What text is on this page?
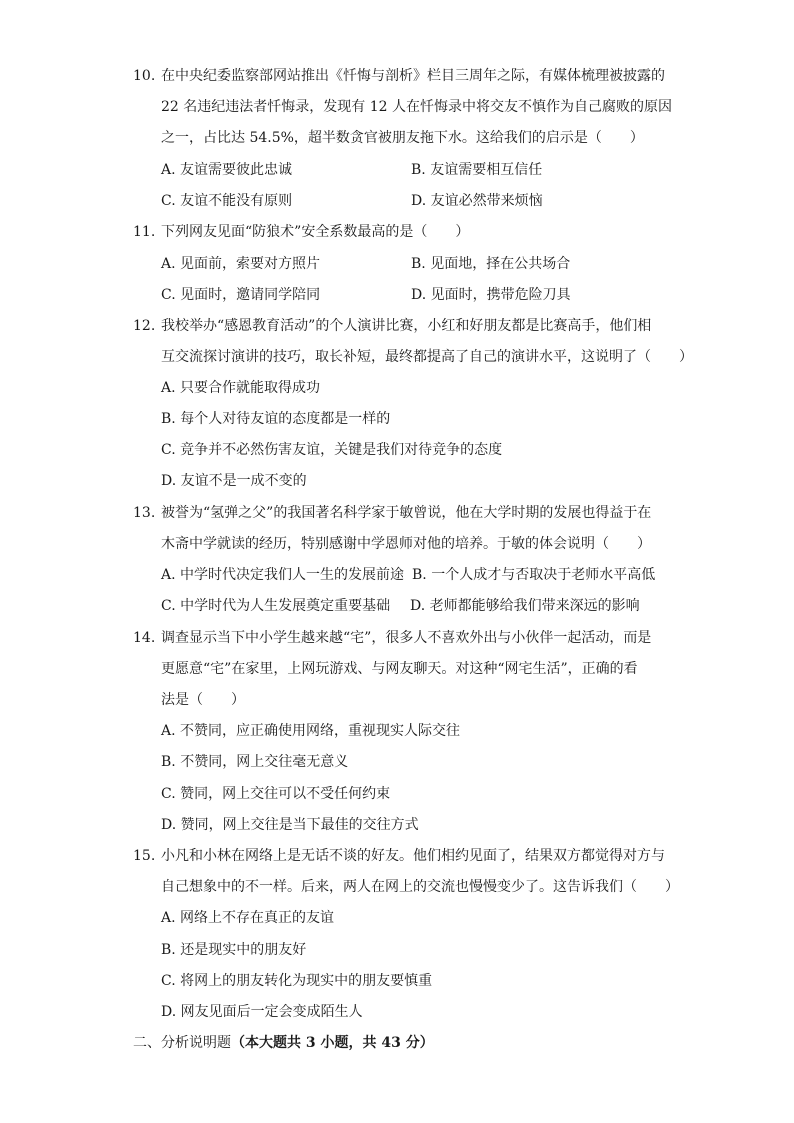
10. 在中央纪委监察部网站推出《忏悔与剖析》栏目三周年之际，有媒体梳理被披露的
22 名违纪违法者忏悔录，发现有 12 人在忏悔录中将交友不慎作为自己腐败的原因
之一，占比达 54.5%，超半数贪官被朋友拖下水。这给我们的启示是（　　）
A. 友谊需要彼此忠诚	B. 友谊需要相互信任
C. 友谊不能没有原则	D. 友谊必然带来烦恼
11. 下列网友见面“防狼术”安全系数最高的是（　　）
A. 见面前，索要对方照片	B. 见面地，择在公共场合
C. 见面时，邀请同学陪同	D. 见面时，携带危险刀具
12. 我校举办“感恩教育活动”的个人演讲比赛，小红和好朋友都是比赛高手，他们相
互交流探讨演讲的技巧，取长补短，最终都提高了自己的演讲水平，这说明了（　　）
A. 只要合作就能取得成功
B. 每个人对待友谊的态度都是一样的
C. 竞争并不必然伤害友谊，关键是我们对待竞争的态度
D. 友谊不是一成不变的
13. 被誉为“氢弹之父”的我国著名科学家于敏曾说，他在大学时期的发展也得益于在
木斋中学就读的经历，特别感谢中学恩师对他的培养。于敏的体会说明（　　）
A. 中学时代决定我们人一生的发展前途 B. 一个人成才与否取决于老师水平高低
C. 中学时代为人生发展奠定重要基础 D. 老师都能够给我们带来深远的影响
14. 调查显示当下中小学生越来越“宅”，很多人不喜欢外出与小伙伴一起活动，而是
更愿意“宅”在家里，上网玩游戏、与网友聊天。对这种“网宅生活”，正确的看
法是（　　）
A. 不赞同，应正确使用网络，重视现实人际交往
B. 不赞同，网上交往毫无意义
C. 赞同，网上交往可以不受任何约束
D. 赞同，网上交往是当下最佳的交往方式
15. 小凡和小林在网络上是无话不谈的好友。他们相约见面了，结果双方都觉得对方与
自己想象中的不一样。后来，两人在网上的交流也慢慢变少了。这告诉我们（　　）
A. 网络上不存在真正的友谊
B. 还是现实中的朋友好
C. 将网上的朋友转化为现实中的朋友要慎重
D. 网友见面后一定会变成陌生人
二、分析说明题（本大题共 3 小题，共 43 分）
